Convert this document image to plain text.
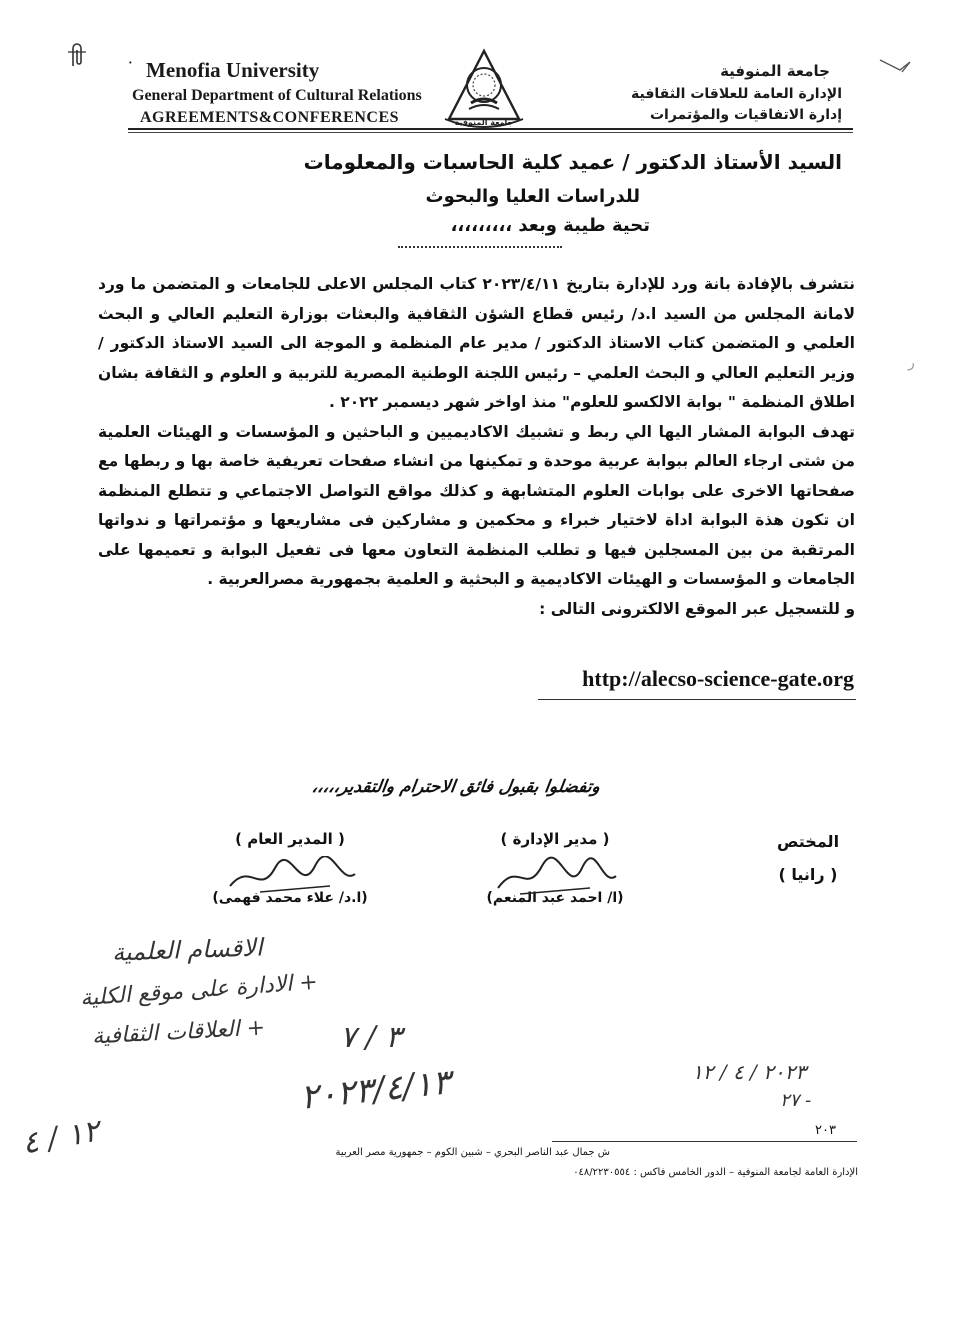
ﺭ
˙ Menofia University
General Department of Cultural Relations
AGREEMENTS&CONFERENCES	جامعة المنوفية
جامعة المنوفية
الإدارة العامة للعلاقات الثقافية
إدارة الاتفاقيات والمؤتمرات
السيد الأستاذ الدكتور / عميد كلية الحاسبات والمعلومات
للدراسات العليا والبحوث
تحية طيبة وبعد ،،،،،،،،،

نتشرف بالإفادة بانة ورد للإدارة بتاريخ ٢٠٢٣/٤/١١ كتاب المجلس الاعلى للجامعات و المتضمن ما ورد لامانة المجلس من السيد ا.د/ رئيس قطاع الشؤن الثقافية والبعثات بوزارة التعليم العالي و البحث العلمي و المتضمن كتاب الاستاذ الدكتور / مدير عام المنظمة و الموجة الى السيد الاستاذ الدكتور / وزير التعليم العالي و البحث العلمي – رئيس اللجنة الوطنية المصرية للتربية و العلوم و الثقافة بشان اطلاق المنظمة " بوابة الالكسو للعلوم" منذ اواخر شهر ديسمبر ٢٠٢٢ .

تهدف البوابة المشار اليها الي ربط و تشبيك الاكاديميين و الباحثين و المؤسسات و الهيئات العلمية من شتى ارجاء العالم ببوابة عربية موحدة و تمكينها من انشاء صفحات تعريفية خاصة بها و ربطها مع صفحاتها الاخرى على بوابات العلوم المتشابهة و كذلك مواقع التواصل الاجتماعي و تتطلع المنظمة ان تكون هذة البوابة اداة لاختيار خبراء و محكمين و مشاركين فى مشاريعها و مؤتمراتها و ندواتها المرتقبة من بين المسجلين فيها و تطلب المنظمة التعاون معها فى تفعيل البوابة و تعميمها على الجامعات و المؤسسات و الهيئات الاكاديمية و البحثية و العلمية بجمهورية مصرالعربية .

و للتسجيل عبر الموقع الالكترونى التالى :

http://alecso-science-gate.org
وتفضلوا بقبول فائق الاحترام والتقدير،،،،،
( المدير العام )
(ا.د/ علاء محمد فهمى)
( مدير الإدارة )
(ا/ احمد عبد المنعم)
المختص
( رانيا )
الاقسام العلمية
+ الادارة على موقع الكلية
+ العلاقات الثقافية ٣ / ٧
٢٠٢٣/٤/١٣	٢٠٢٣ / ٤ / ١٢
- ٢٧
١٢ / ٤	٢٠٣
ش جمال عبد الناصر البحري – شبين الكوم – جمهورية مصر العربية
الإدارة العامة لجامعة المنوفية – الدور الخامس فاكس : ٠٤٨/٢٢٣٠٥٥٤
